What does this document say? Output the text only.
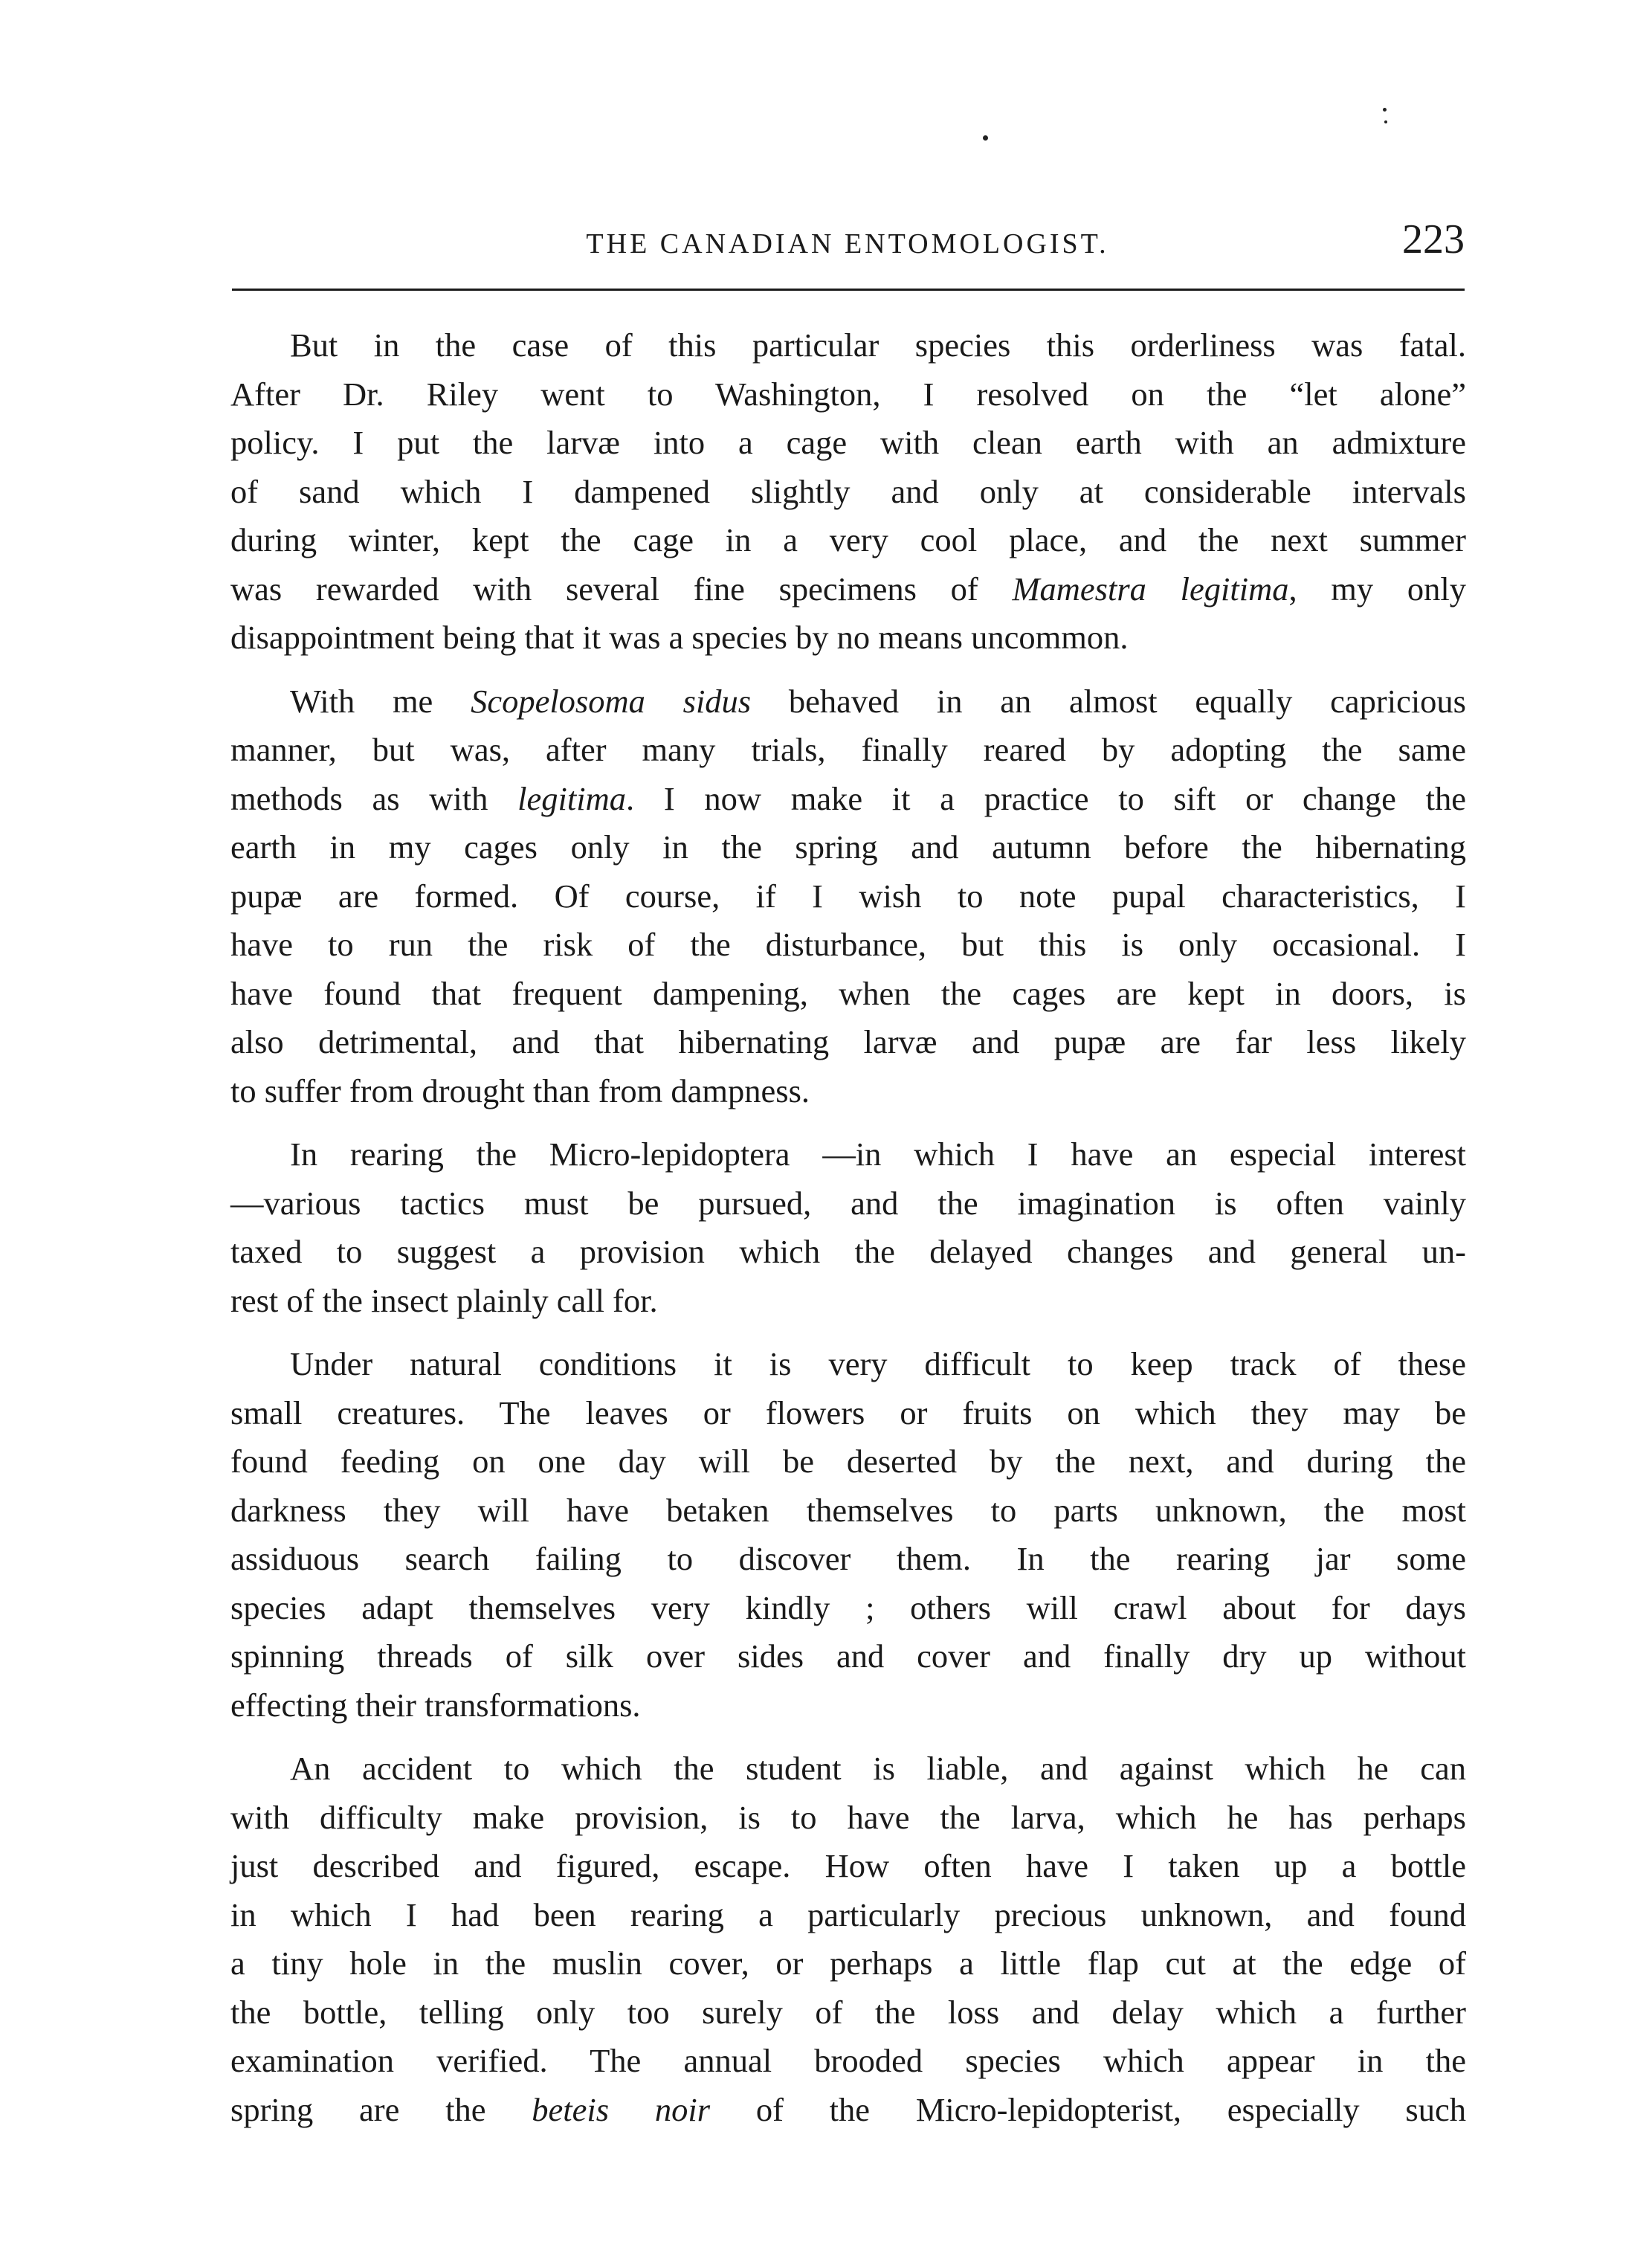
THE CANADIAN ENTOMOLOGIST.	223
But in the case of this particular species this orderliness was fatal.
After Dr. Riley went to Washington, I resolved on the “let alone”
policy. I put the larvæ into a cage with clean earth with an admixture
of sand which I dampened slightly and only at considerable intervals
during winter, kept the cage in a very cool place, and the next summer
was rewarded with several fine specimens of Mamestra legitima, my only
disappointment being that it was a species by no means uncommon.
With me Scopelosoma sidus behaved in an almost equally capricious
manner, but was, after many trials, finally reared by adopting the same
methods as with legitima. I now make it a practice to sift or change the
earth in my cages only in the spring and autumn before the hibernating
pupæ are formed. Of course, if I wish to note pupal characteristics, I
have to run the risk of the disturbance, but this is only occasional. I
have found that frequent dampening, when the cages are kept in doors, is
also detrimental, and that hibernating larvæ and pupæ are far less likely
to suffer from drought than from dampness.
In rearing the Micro-lepidoptera —in which I have an especial interest
—various tactics must be pursued, and the imagination is often vainly
taxed to suggest a provision which the delayed changes and general un-
rest of the insect plainly call for.
Under natural conditions it is very difficult to keep track of these
small creatures. The leaves or flowers or fruits on which they may be
found feeding on one day will be deserted by the next, and during the
darkness they will have betaken themselves to parts unknown, the most
assiduous search failing to discover them. In the rearing jar some
species adapt themselves very kindly ; others will crawl about for days
spinning threads of silk over sides and cover and finally dry up without
effecting their transformations.
An accident to which the student is liable, and against which he can
with difficulty make provision, is to have the larva, which he has perhaps
just described and figured, escape. How often have I taken up a bottle
in which I had been rearing a particularly precious unknown, and found
a tiny hole in the muslin cover, or perhaps a little flap cut at the edge of
the bottle, telling only too surely of the loss and delay which a further
examination verified. The annual brooded species which appear in the
spring are the beteis noir of the Micro-lepidopterist, especially such
